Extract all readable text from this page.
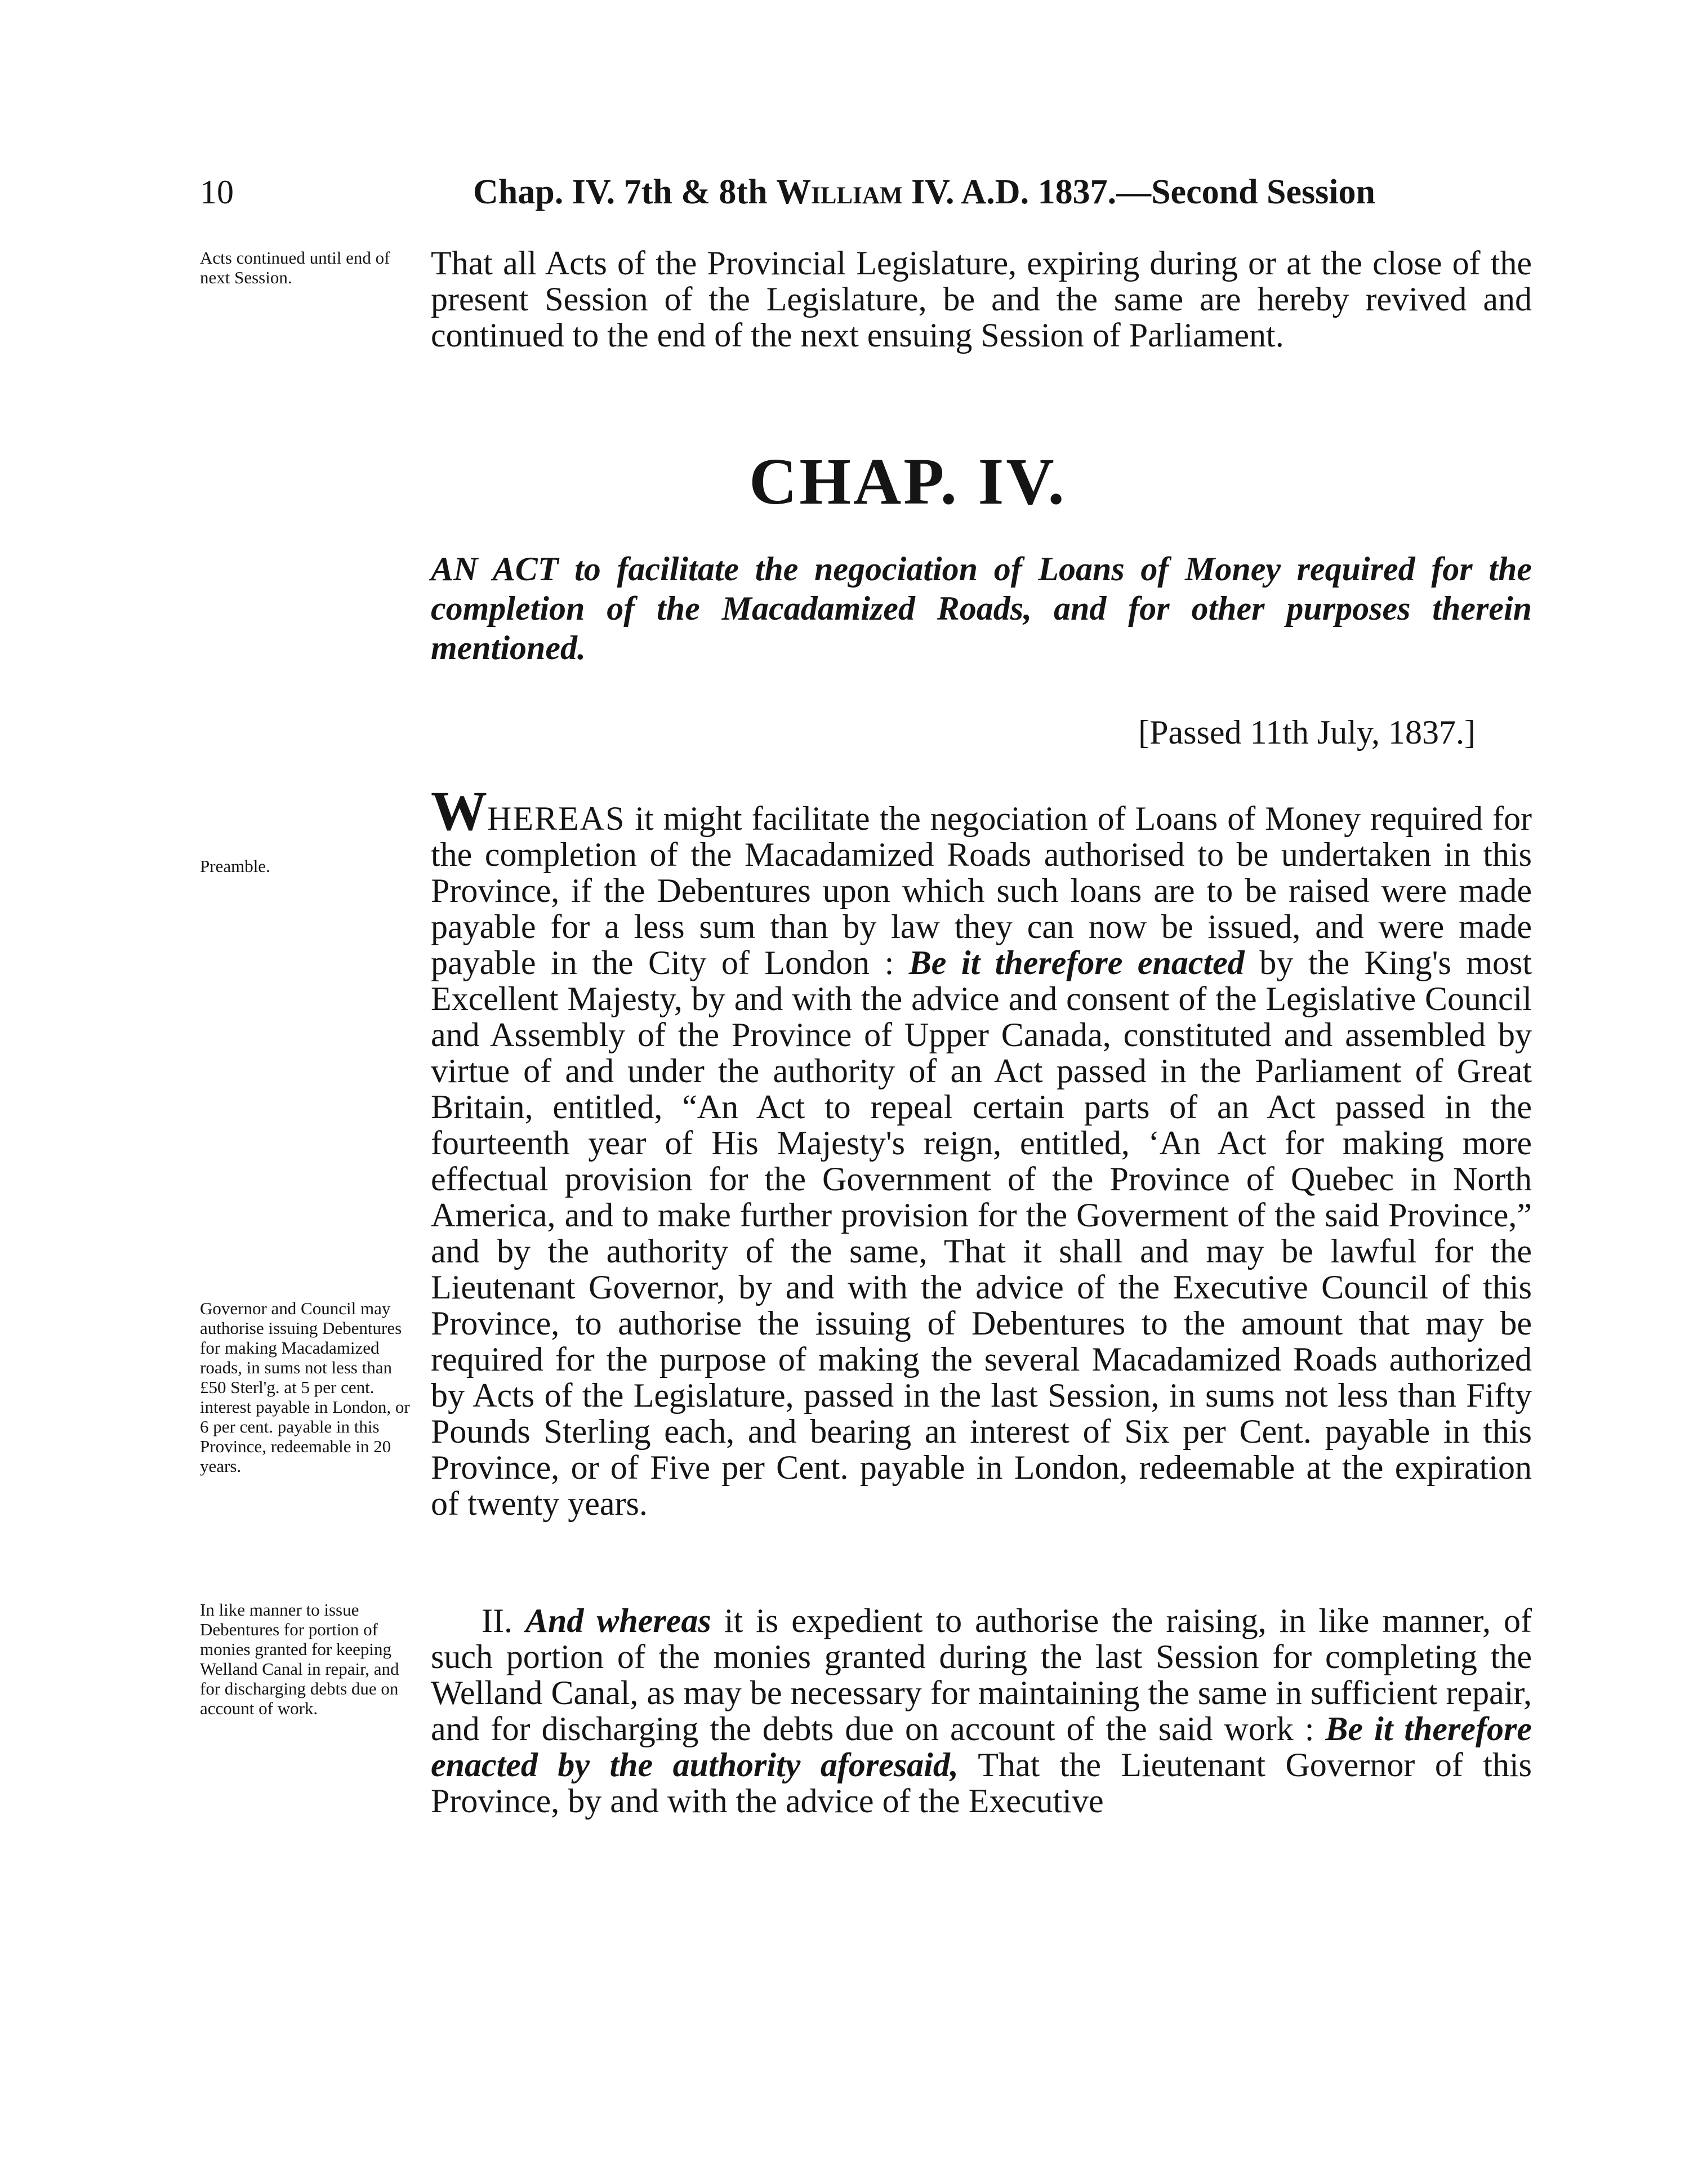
10	Chap. IV. 7th & 8th William IV. A.D. 1837.—Second Session
Acts continued until end of next Session.	That all Acts of the Provincial Legislature, expiring during or at the close of the present Session of the Legislature, be and the same are hereby revived and continued to the end of the next ensuing Session of Parliament.
CHAP. IV.
AN ACT to facilitate the negociation of Loans of Money required for the completion of the Macadamized Roads, and for other purposes therein mentioned.
[Passed 11th July, 1837.]
Preamble.
WHEREAS it might facilitate the negociation of Loans of Money required for the completion of the Macadamized Roads authorised to be undertaken in this Province, if the Debentures upon which such loans are to be raised were made payable for a less sum than by law they can now be issued, and were made payable in the City of London : Be it therefore enacted by the King's most Excellent Majesty, by and with the advice and consent of the Legislative Council and Assembly of the Province of Upper Canada, constituted and assembled by virtue of and under the authority of an Act passed in the Parliament of Great Britain, entitled, “An Act to repeal certain parts of an Act passed in the fourteenth year of His Majesty's reign, entitled, ‘An Act for making more effectual provision for the Government of the Province of Quebec in North America, and to make further provision for the Goverment of the said Province,” and by the authority of the same, That it shall and may be lawful for the Lieutenant Governor, by and with the advice of the Executive Council of this Province, to authorise the issuing of Debentures to the amount that may be required for the purpose of making the several Macadamized Roads authorized by Acts of the Legislature, passed in the last Session, in sums not less than Fifty Pounds Sterling each, and bearing an interest of Six per Cent. payable in this Province, or of Five per Cent. payable in London, redeemable at the expiration of twenty years.
Governor and Council may authorise issuing Debentures for making Macadamized roads, in sums not less than £50 Sterl'g. at 5 per cent. interest payable in London, or 6 per cent. payable in this Province, redeemable in 20 years.
In like manner to issue Debentures for portion of monies granted for keeping Welland Canal in repair, and for discharging debts due on account of work.
II. And whereas it is expedient to authorise the raising, in like manner, of such portion of the monies granted during the last Session for completing the Welland Canal, as may be necessary for maintaining the same in sufficient repair, and for discharging the debts due on account of the said work : Be it therefore enacted by the authority aforesaid, That the Lieutenant Governor of this Province, by and with the advice of the Executive
